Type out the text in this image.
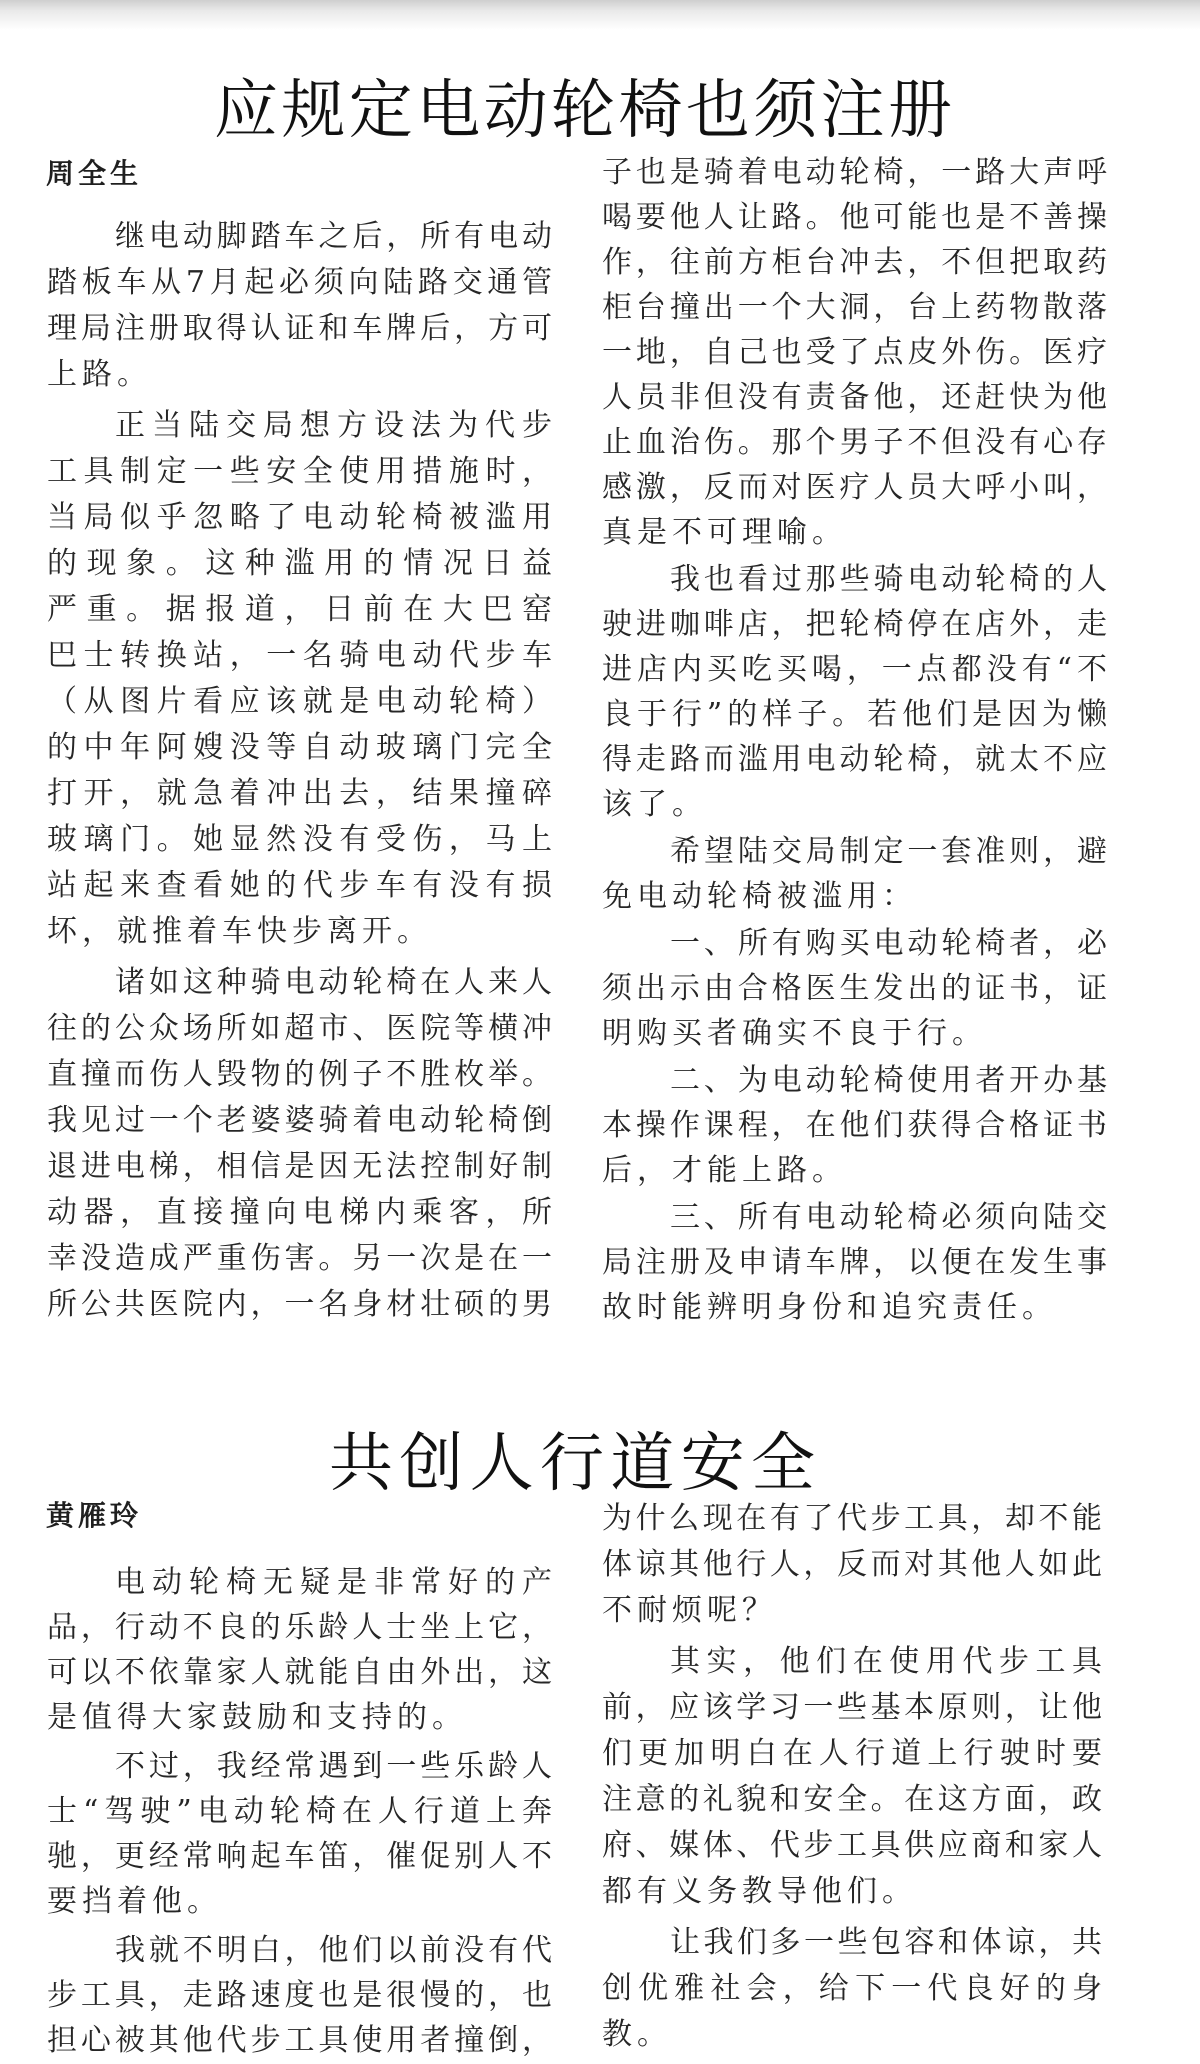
应规定电动轮椅也须注册
周全生
继电动脚踏车之后，所有电动
踏板车从7月起必须向陆路交通管
理局注册取得认证和车牌后，方可
上路。
正当陆交局想方设法为代步
工具制定一些安全使用措施时，
当局似乎忽略了电动轮椅被滥用
的现象。这种滥用的情况日益
严重。据报道，日前在大巴窑
巴士转换站，一名骑电动代步车
（从图片看应该就是电动轮椅）
的中年阿嫂没等自动玻璃门完全
打开，就急着冲出去，结果撞碎
玻璃门。她显然没有受伤，马上
站起来查看她的代步车有没有损
坏，就推着车快步离开。
诸如这种骑电动轮椅在人来人
往的公众场所如超市、医院等横冲
直撞而伤人毁物的例子不胜枚举。
我见过一个老婆婆骑着电动轮椅倒
退进电梯，相信是因无法控制好制
动器，直接撞向电梯内乘客，所
幸没造成严重伤害。另一次是在一
所公共医院内，一名身材壮硕的男
子也是骑着电动轮椅，一路大声呼
喝要他人让路。他可能也是不善操
作，往前方柜台冲去，不但把取药
柜台撞出一个大洞，台上药物散落
一地，自己也受了点皮外伤。医疗
人员非但没有责备他，还赶快为他
止血治伤。那个男子不但没有心存
感激，反而对医疗人员大呼小叫，
真是不可理喻。
我也看过那些骑电动轮椅的人
驶进咖啡店，把轮椅停在店外，走
进店内买吃买喝，一点都没有“不
良于行”的样子。若他们是因为懒
得走路而滥用电动轮椅，就太不应
该了。
希望陆交局制定一套准则，避
免电动轮椅被滥用：
一、所有购买电动轮椅者，必
须出示由合格医生发出的证书，证
明购买者确实不良于行。
二、为电动轮椅使用者开办基
本操作课程，在他们获得合格证书
后，才能上路。
三、所有电动轮椅必须向陆交
局注册及申请车牌，以便在发生事
故时能辨明身份和追究责任。
共创人行道安全
黄雁玲
电动轮椅无疑是非常好的产
品，行动不良的乐龄人士坐上它，
可以不依靠家人就能自由外出，这
是值得大家鼓励和支持的。
不过，我经常遇到一些乐龄人
士“驾驶”电动轮椅在人行道上奔
驰，更经常响起车笛，催促别人不
要挡着他。
我就不明白，他们以前没有代
步工具，走路速度也是很慢的，也
担心被其他代步工具使用者撞倒，
为什么现在有了代步工具，却不能
体谅其他行人，反而对其他人如此
不耐烦呢？
其实，他们在使用代步工具
前，应该学习一些基本原则，让他
们更加明白在人行道上行驶时要
注意的礼貌和安全。在这方面，政
府、媒体、代步工具供应商和家人
都有义务教导他们。
让我们多一些包容和体谅，共
创优雅社会，给下一代良好的身
教。
